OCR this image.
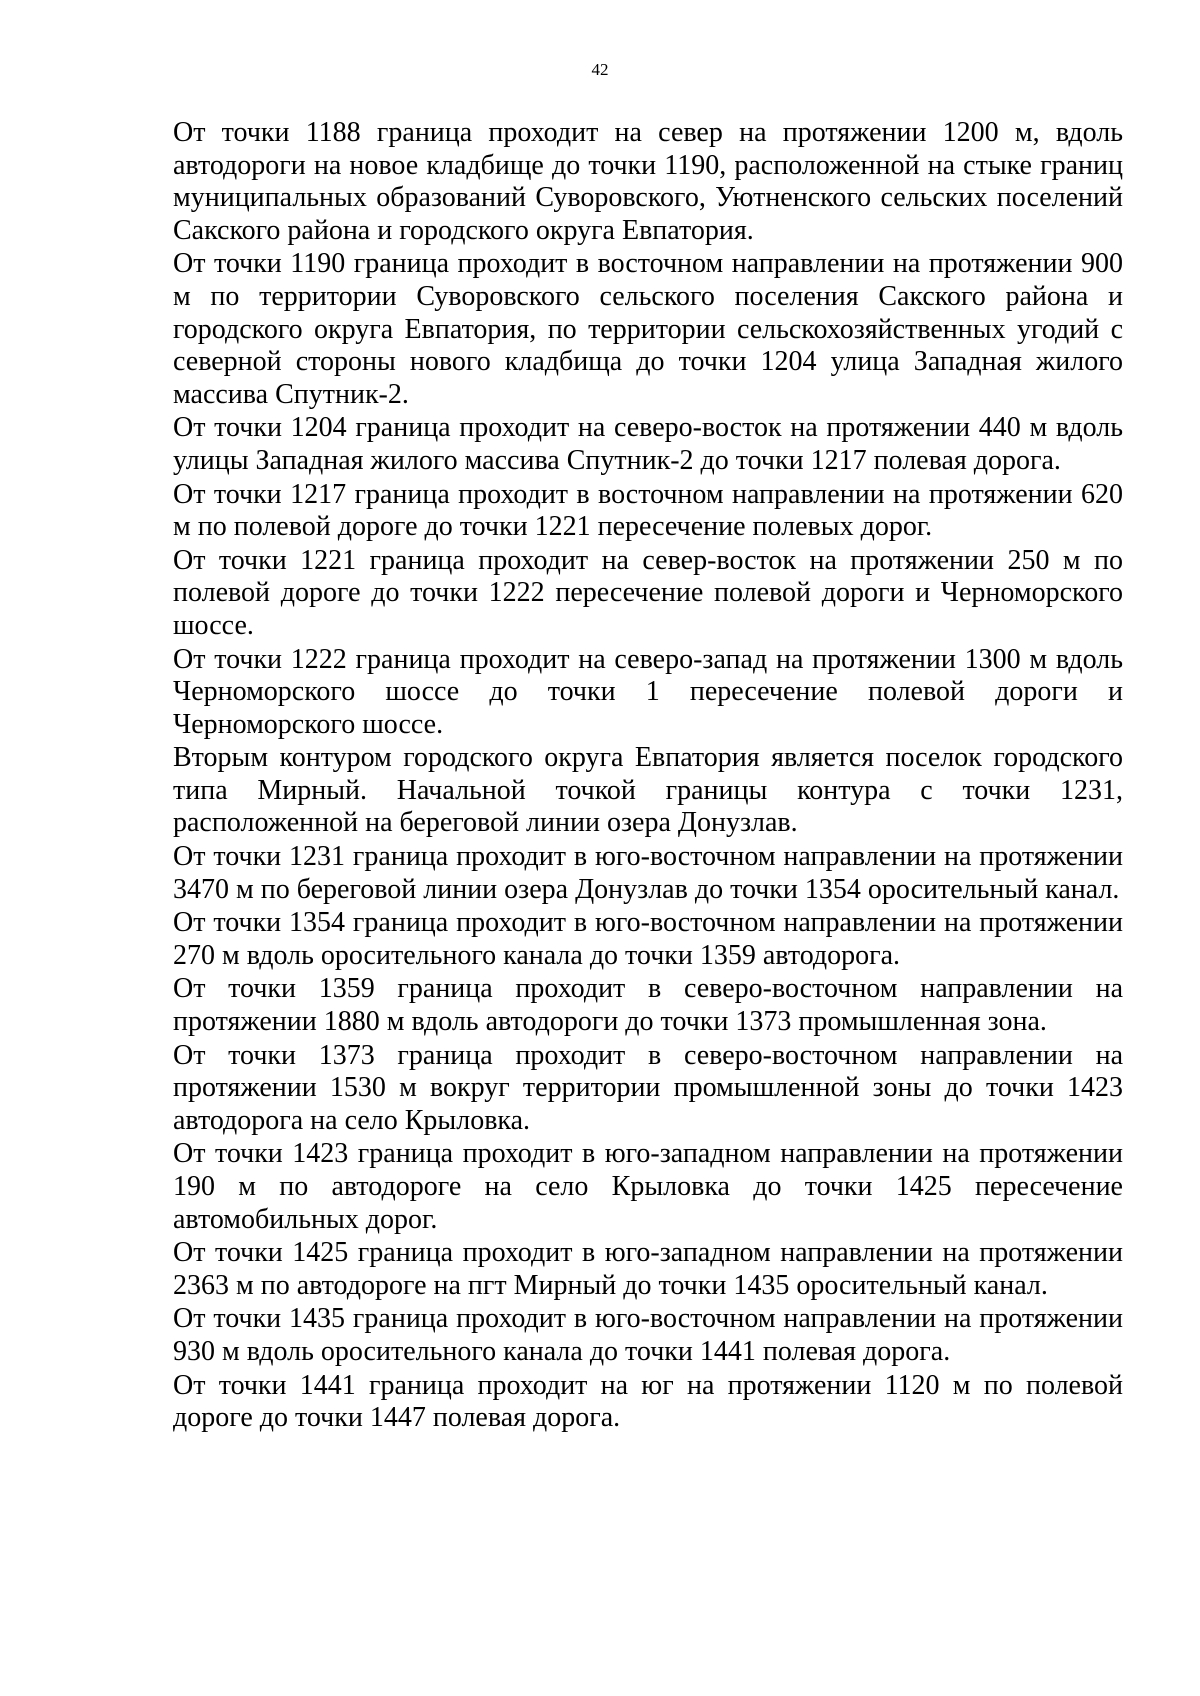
42

От точки 1188 граница проходит на север на протяжении 1200 м, вдоль автодороги на новое кладбище до точки 1190, расположенной на стыке границ муниципальных образований Суворовского, Уютненского сельских поселений Сакского района и городского округа Евпатория.

От точки 1190 граница проходит в восточном направлении на протяжении 900 м по территории Суворовского сельского поселения Сакского района и городского округа Евпатория, по территории сельскохозяйственных угодий с северной стороны нового кладбища до точки 1204 улица Западная жилого массива Спутник-2.

От точки 1204 граница проходит на северо-восток на протяжении 440 м вдоль улицы Западная жилого массива Спутник-2 до точки 1217 полевая дорога.

От точки 1217 граница проходит в восточном направлении на протяжении 620 м по полевой дороге до точки 1221 пересечение полевых дорог.

От точки 1221 граница проходит на север-восток на протяжении 250 м по полевой дороге до точки 1222 пересечение полевой дороги и Черноморского шоссе.

От точки 1222 граница проходит на северо-запад на протяжении 1300 м вдоль Черноморского шоссе до точки 1 пересечение полевой дороги и Черноморского шоссе.

Вторым контуром городского округа Евпатория является поселок городского типа Мирный. Начальной точкой границы контура с точки 1231, расположенной на береговой линии озера Донузлав.

От точки 1231 граница проходит в юго-восточном направлении на протяжении 3470 м по береговой линии озера Донузлав до точки 1354 оросительный канал.

От точки 1354 граница проходит в юго-восточном направлении на протяжении 270 м вдоль оросительного канала до точки 1359 автодорога.

От точки 1359 граница проходит в северо-восточном направлении на протяжении 1880 м вдоль автодороги до точки 1373 промышленная зона.

От точки 1373 граница проходит в северо-восточном направлении на протяжении 1530 м вокруг территории промышленной зоны до точки 1423 автодорога на село Крыловка.

От точки 1423 граница проходит в юго-западном направлении на протяжении 190 м по автодороге на село Крыловка до точки 1425 пересечение автомобильных дорог.

От точки 1425 граница проходит в юго-западном направлении на протяжении 2363 м по автодороге на пгт Мирный до точки 1435 оросительный канал.

От точки 1435 граница проходит в юго-восточном направлении на протяжении 930 м вдоль оросительного канала до точки 1441 полевая дорога.

От точки 1441 граница проходит на юг на протяжении 1120 м по полевой дороге до точки 1447 полевая дорога.
